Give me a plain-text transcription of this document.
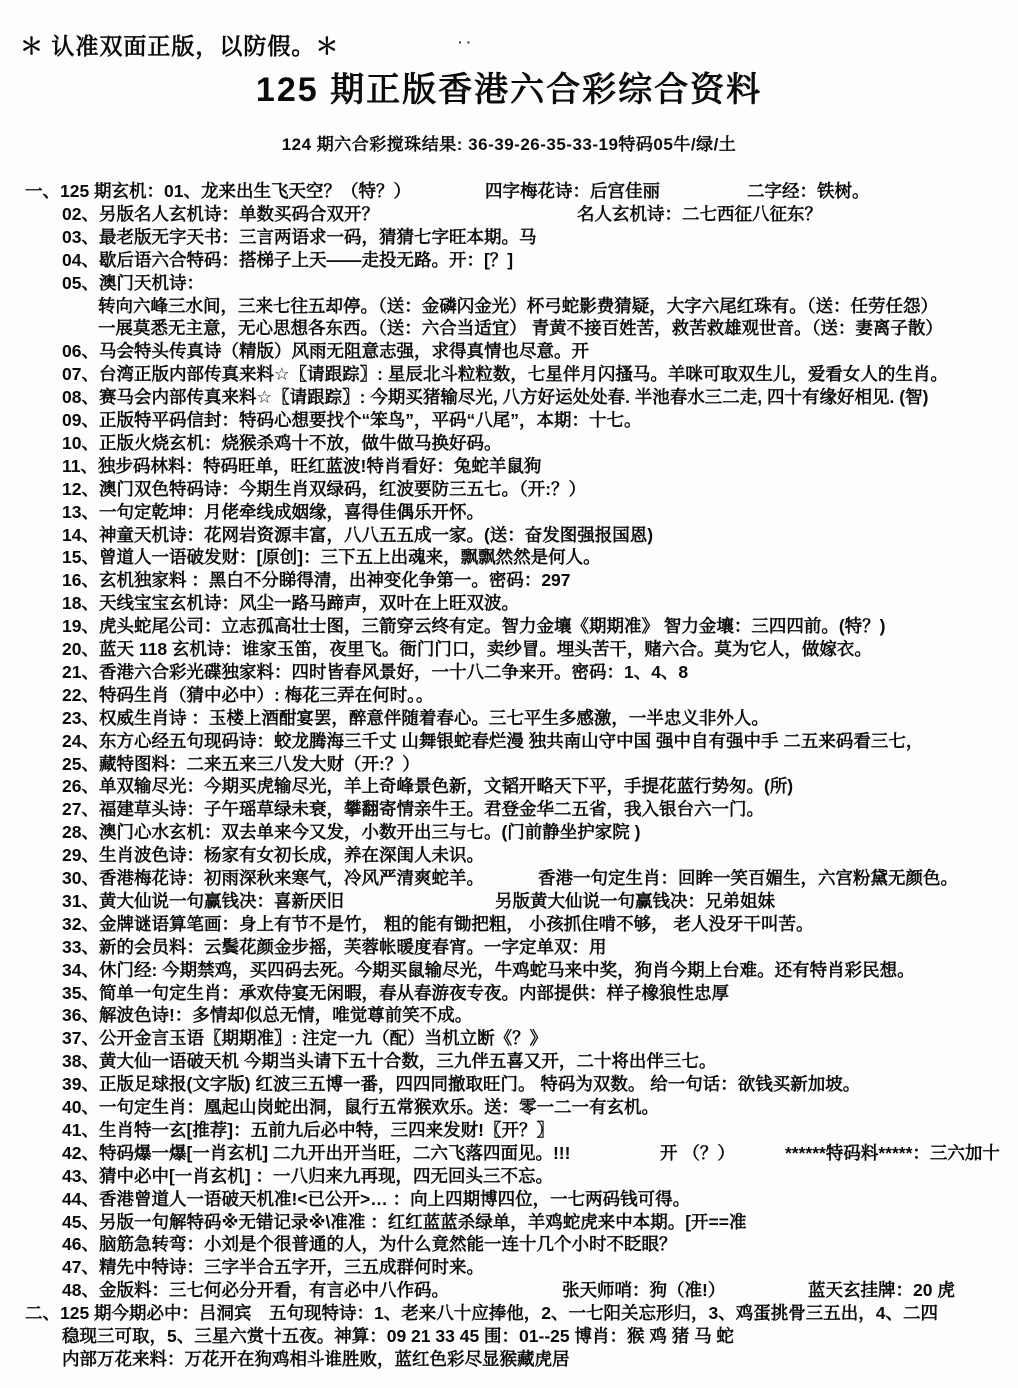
＊ 认准双面正版，以防假。＊	· ·
125 期正版香港六合彩综合资料
124 期六合彩搅珠结果: 36-39-26-35-33-19特码05牛/绿/土
一、125 期玄机：01、龙来出生飞天空？（特？）	四字梅花诗：后宫佳丽	二字经：铁树。
02、另版名人玄机诗：单数买码合双开？	名人玄机诗：二七西征八征东？
03、最老版无字天书：三言两语求一码，猜猜七字旺本期。马
04、歇后语六合特码：搭梯子上天——走投无路。开：[？]
05、澳门天机诗：
转向六峰三水间，三来七往五却停。（送：金磷闪金光）杯弓蛇影费猜疑，大字六尾红珠有。（送：任劳任怨）
一展莫悉无主意，无心思想各东西。（送：六合当适宜） 青黄不接百姓苦，救苦救雄观世音。（送：妻离子散）
06、马会特头传真诗（精版）风雨无阻意志强，求得真情也尽意。开
07、台湾正版内部传真来料☆〖请跟踪〗: 星辰北斗粒粒数，七星伴月闪搔马。羊咪可取双生儿，爱看女人的生肖。
08、赛马会内部传真来料☆〖请跟踪〗: 今期买猪输尽光, 八方好运处处春. 半池春水三二走, 四十有缘好相见. (智)
09、正版特平码信封：特码心想要找个“笨鸟”，平码“八尾”，本期：十七。
10、正版火烧玄机：烧猴杀鸡十不放，做牛做马换好码。
11、独步码林料：特码旺单，旺红蓝波!特肖看好：兔蛇羊鼠狗
12、澳门双色特码诗：今期生肖双绿码，红波要防三五七。（开:？）
13、一句定乾坤：月佬牵线成姻缘，喜得佳偶乐开怀。
14、神童天机诗：花网岩资源丰富，八八五五成一家。(送：奋发图强报国恩)
15、曾道人一语破发财：[原创]：三下五上出魂来，飘飘然然是何人。
16、玄机独家料 ：黑白不分睇得清，出神变化争第一。密码：297
18、天线宝宝玄机诗：风尘一路马蹄声，双叶在上旺双波。
19、虎头蛇尾公司：立志孤高壮士图，三箭穿云终有定。智力金壤《期期准》 智力金壤：三四四前。(特？)
20、蓝天 118 玄机诗：谁家玉笛，夜里飞。衙门门口，卖纱冒。埋头苦干，赌六合。莫为它人，做嫁衣。
21、香港六合彩光碟独家料：四时皆春风景好，一十八二争来开。密码：1、4、8
22、特码生肖（猜中必中）: 梅花三弄在何时。。
23、权威生肖诗 ：玉楼上酒酣宴罢，醉意伴随着春心。三七平生多感激，一半忠义非外人。
24、东方心经五句现码诗：蛟龙腾海三千丈 山舞银蛇春烂漫 独共南山守中国 强中自有强中手 二五来码看三七，
25、藏特图料：二来五来三八发大财（开:？）
26、单双输尽光：今期买虎输尽光，羊上奇峰景色新，文韬开略天下平，手提花蓝行势匆。(所)
27、福建草头诗：子午瑶草绿未衰，攀翻寄情亲牛王。君登金华二五省，我入银台六一门。
28、澳门心水玄机：双去单来今又发，小数开出三与七。(门前静坐护家院 )
29、生肖波色诗：杨家有女初长成，养在深闺人未识。
30、香港梅花诗：初雨深秋来寒气，冷风严清爽蛇羊。	香港一句定生肖：回眸一笑百媚生，六宫粉黛无颜色。
31、黄大仙说一句赢钱决：喜新厌旧	另版黄大仙说一句赢钱决：兄弟姐妹
32、金牌谜语算笔画：身上有节不是竹， 粗的能有锄把粗， 小孩抓住啃不够， 老人没牙干叫苦。
33、新的会员料：云鬓花颜金步摇，芙蓉帐暖度春宵。一字定单双：用
34、休门经: 今期禁鸡，买四码去死。今期买鼠输尽光，牛鸡蛇马来中奖，狗肖今期上台难。还有特肖彩民想。
35、简单一句定生肖：承欢侍宴无闲暇，春从春游夜专夜。内部提供：样子橡狼性忠厚
36、解波色诗!：多情却似总无情，唯觉尊前笑不成。
37、公开金言玉语〖期期准〗: 注定一九（配）当机立断《？》
38、黄大仙一语破天机 今期当头请下五十合数，三九伴五喜又开，二十将出伴三七。
39、正版足球报(文字版) 红波三五博一番，四四同撤取旺门。 特码为双数。 给一句话：欲钱买新加坡。
40、一句定生肖：凰起山岗蛇出洞，鼠行五常猴欢乐。送：零一二一有玄机。
41、生肖特一玄[推荐]：五前九后必中特，三四来发财!〖开？〗
42、特码爆一爆[一肖玄机] 二九开出开当旺，二六飞落四面见。!!!	开 （？）	******特码料*****：三六加十
43、猜中必中[一肖玄机] ：一八归来九再现，四无回头三不忘。
44、香港曾道人一语破天机准!<已公开>… ：向上四期博四位，一七两码钱可得。
45、另版一句解特码※无错记录※\准准 ：红红蓝蓝杀绿单，羊鸡蛇虎来中本期。[开==准
46、脑筋急转弯：小刘是个很普通的人，为什么竟然能一连十几个小时不眨眼？
47、精先中特诗：三字半合五字开，三五成群何时来。
48、金版料：三七何必分开看，有言必中八作码。	张天师哨：狗（准!）	蓝天玄挂牌：20 虎
二、125 期今期必中：吕洞宾　五句现特诗：1、老来八十应捧他，2、一七阳关忘形归，3、鸡蛋挑骨三五出，4、二四
稳现三可取，5、三星六赏十五夜。神算：09 21 33 45 围：01--25 博肖：猴 鸡 猪 马 蛇
内部万花来料：万花开在狗鸡相斗谁胜败，蓝红色彩尽显猴藏虎居
